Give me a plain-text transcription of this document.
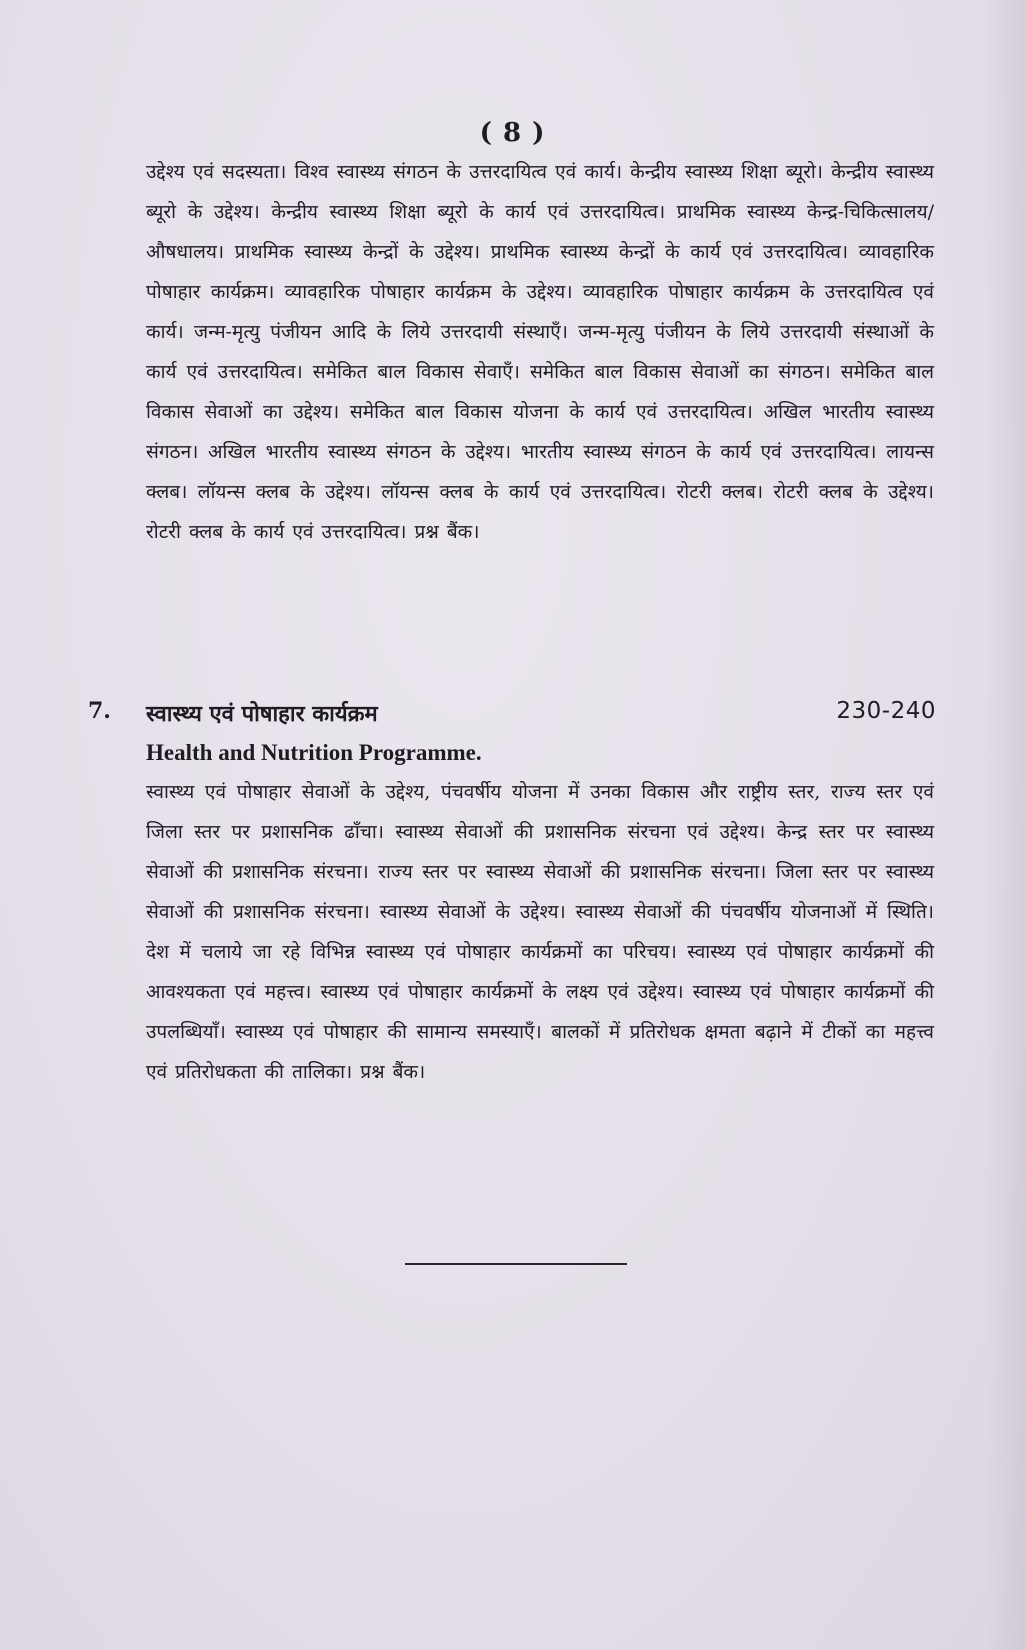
( 8 )

उद्देश्य एवं सदस्यता। विश्व स्वास्थ्य संगठन के उत्तरदायित्व एवं कार्य। केन्द्रीय स्वास्थ्य शिक्षा ब्यूरो। केन्द्रीय स्वास्थ्य ब्यूरो के उद्देश्य। केन्द्रीय स्वास्थ्य शिक्षा ब्यूरो के कार्य एवं उत्तरदायित्व। प्राथमिक स्वास्थ्य केन्द्र-चिकित्सालय/औषधालय। प्राथमिक स्वास्थ्य केन्द्रों के उद्देश्य। प्राथमिक स्वास्थ्य केन्द्रों के कार्य एवं उत्तरदायित्व। व्यावहारिक पोषाहार कार्यक्रम। व्यावहारिक पोषाहार कार्यक्रम के उद्देश्य। व्यावहारिक पोषाहार कार्यक्रम के उत्तरदायित्व एवं कार्य। जन्म-मृत्यु पंजीयन आदि के लिये उत्तरदायी संस्थाएँ। जन्म-मृत्यु पंजीयन के लिये उत्तरदायी संस्थाओं के कार्य एवं उत्तरदायित्व। समेकित बाल विकास सेवाएँ। समेकित बाल विकास सेवाओं का संगठन। समेकित बाल विकास सेवाओं का उद्देश्य। समेकित बाल विकास योजना के कार्य एवं उत्तरदायित्व। अखिल भारतीय स्वास्थ्य संगठन। अखिल भारतीय स्वास्थ्य संगठन के उद्देश्य। भारतीय स्वास्थ्य संगठन के कार्य एवं उत्तरदायित्व। लायन्स क्लब। लॉयन्स क्लब के उद्देश्य। लॉयन्स क्लब के कार्य एवं उत्तरदायित्व। रोटरी क्लब। रोटरी क्लब के उद्देश्य। रोटरी क्लब के कार्य एवं उत्तरदायित्व। प्रश्न बैंक।

7. स्वास्थ्य एवं पोषाहार कार्यक्रम	230-240
Health and Nutrition Programme.

स्वास्थ्य एवं पोषाहार सेवाओं के उद्देश्य, पंचवर्षीय योजना में उनका विकास और राष्ट्रीय स्तर, राज्य स्तर एवं जिला स्तर पर प्रशासनिक ढाँचा। स्वास्थ्य सेवाओं की प्रशासनिक संरचना एवं उद्देश्य। केन्द्र स्तर पर स्वास्थ्य सेवाओं की प्रशासनिक संरचना। राज्य स्तर पर स्वास्थ्य सेवाओं की प्रशासनिक संरचना। जिला स्तर पर स्वास्थ्य सेवाओं की प्रशासनिक संरचना। स्वास्थ्य सेवाओं के उद्देश्य। स्वास्थ्य सेवाओं की पंचवर्षीय योजनाओं में स्थिति। देश में चलाये जा रहे विभिन्न स्वास्थ्य एवं पोषाहार कार्यक्रमों का परिचय। स्वास्थ्य एवं पोषाहार कार्यक्रमों की आवश्यकता एवं महत्त्व। स्वास्थ्य एवं पोषाहार कार्यक्रमों के लक्ष्य एवं उद्देश्य। स्वास्थ्य एवं पोषाहार कार्यक्रमों की उपलब्धियाँ। स्वास्थ्य एवं पोषाहार की सामान्य समस्याएँ। बालकों में प्रतिरोधक क्षमता बढ़ाने में टीकों का महत्त्व एवं प्रतिरोधकता की तालिका। प्रश्न बैंक।
